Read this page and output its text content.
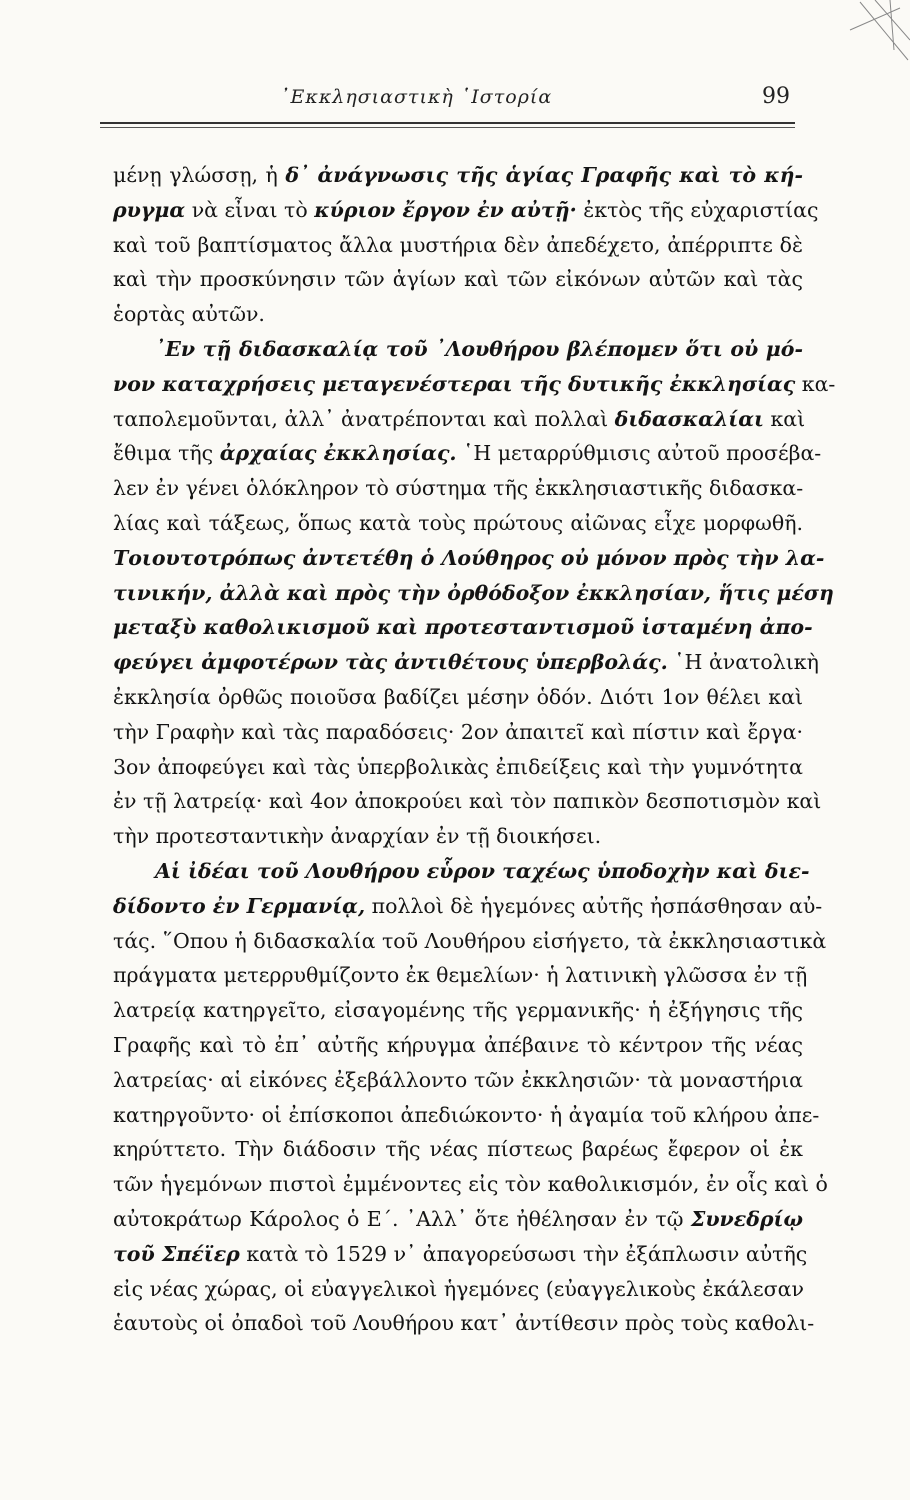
᾿Εκκλησιαστικὴ ῾Ιστορία	99
μένῃ γλώσσῃ, ἡ δ᾿ ἀνάγνωσις τῆς ἁγίας Γραφῆς καὶ τὸ κή-
ρυγμα νὰ εἶναι τὸ κύριον ἔργον ἐν αὐτῇ· ἐκτὸς τῆς εὐχαριστίας
καὶ τοῦ βαπτίσματος ἄλλα μυστήρια δὲν ἀπεδέχετο, ἀπέρριπτε δὲ
καὶ τὴν προσκύνησιν τῶν ἁγίων καὶ τῶν εἰκόνων αὐτῶν καὶ τὰς
ἑορτὰς αὐτῶν.
᾿Εν τῇ διδασκαλίᾳ τοῦ ᾿Λουθήρου βλέπομεν ὅτι οὐ μό-
νον καταχρήσεις μεταγενέστεραι τῆς δυτικῆς ἐκκλησίας κα-
ταπολεμοῦνται, ἀλλ᾿ ἀνατρέπονται καὶ πολλαὶ διδασκαλίαι καὶ
ἔθιμα τῆς ἀρχαίας ἐκκλησίας. ῾Η μεταρρύθμισις αὐτοῦ προσέβα-
λεν ἐν γένει ὁλόκληρον τὸ σύστημα τῆς ἐκκλησιαστικῆς διδασκα-
λίας καὶ τάξεως, ὅπως κατὰ τοὺς πρώτους αἰῶνας εἶχε μορφωθῆ.
Τοιουτοτρόπως ἀντετέθη ὁ Λούθηρος οὐ μόνον πρὸς τὴν λα-
τινικήν, ἀλλὰ καὶ πρὸς τὴν ὀρθόδοξον ἐκκλησίαν, ἥτις μέση
μεταξὺ καθολικισμοῦ καὶ προτεσταντισμοῦ ἱσταμένη ἀπο-
φεύγει ἀμφοτέρων τὰς ἀντιθέτους ὑπερβολάς. ῾Η ἀνατολικὴ
ἐκκλησία ὀρθῶς ποιοῦσα βαδίζει μέσην ὁδόν. Διότι 1ον θέλει καὶ
τὴν Γραφὴν καὶ τὰς παραδόσεις· 2ον ἀπαιτεῖ καὶ πίστιν καὶ ἔργα·
3ον ἀποφεύγει καὶ τὰς ὑπερβολικὰς ἐπιδείξεις καὶ τὴν γυμνότητα
ἐν τῇ λατρείᾳ· καὶ 4ον ἀποκρούει καὶ τὸν παπικὸν δεσποτισμὸν καὶ
τὴν προτεσταντικὴν ἀναρχίαν ἐν τῇ διοικήσει.
Αἱ ἰδέαι τοῦ Λουθήρου εὗρον ταχέως ὑποδοχὴν καὶ διε-
δίδοντο ἐν Γερμανίᾳ, πολλοὶ δὲ ἡγεμόνες αὐτῆς ἠσπάσθησαν αὐ-
τάς. ῞Οπου ἡ διδασκαλία τοῦ Λουθήρου εἰσήγετο, τὰ ἐκκλησιαστικὰ
πράγματα μετερρυθμίζοντο ἐκ θεμελίων· ἡ λατινικὴ γλῶσσα ἐν τῇ
λατρείᾳ κατηργεῖτο, εἰσαγομένης τῆς γερμανικῆς· ἡ ἐξήγησις τῆς
Γραφῆς καὶ τὸ ἐπ᾿ αὐτῆς κήρυγμα ἀπέβαινε τὸ κέντρον τῆς νέας
λατρείας· αἱ εἰκόνες ἐξεβάλλοντο τῶν ἐκκλησιῶν· τὰ μοναστήρια
κατηργοῦντο· οἱ ἐπίσκοποι ἀπεδιώκοντο· ἡ ἀγαμία τοῦ κλήρου ἀπε-
κηρύττετο. Τὴν διάδοσιν τῆς νέας πίστεως βαρέως ἔφερον οἱ ἐκ
τῶν ἡγεμόνων πιστοὶ ἐμμένοντες εἰς τὸν καθολικισμόν, ἐν οἷς καὶ ὁ
αὐτοκράτωρ Κάρολος ὁ Ε΄. ᾿Αλλ᾿ ὅτε ἠθέλησαν ἐν τῷ Συνεδρίῳ
τοῦ Σπέϊερ κατὰ τὸ 1529 ν᾿ ἀπαγορεύσωσι τὴν ἐξάπλωσιν αὐτῆς
εἰς νέας χώρας, οἱ εὐαγγελικοὶ ἡγεμόνες (εὐαγγελικοὺς ἐκάλεσαν
ἑαυτοὺς οἱ ὀπαδοὶ τοῦ Λουθήρου κατ᾿ ἀντίθεσιν πρὸς τοὺς καθολι-
